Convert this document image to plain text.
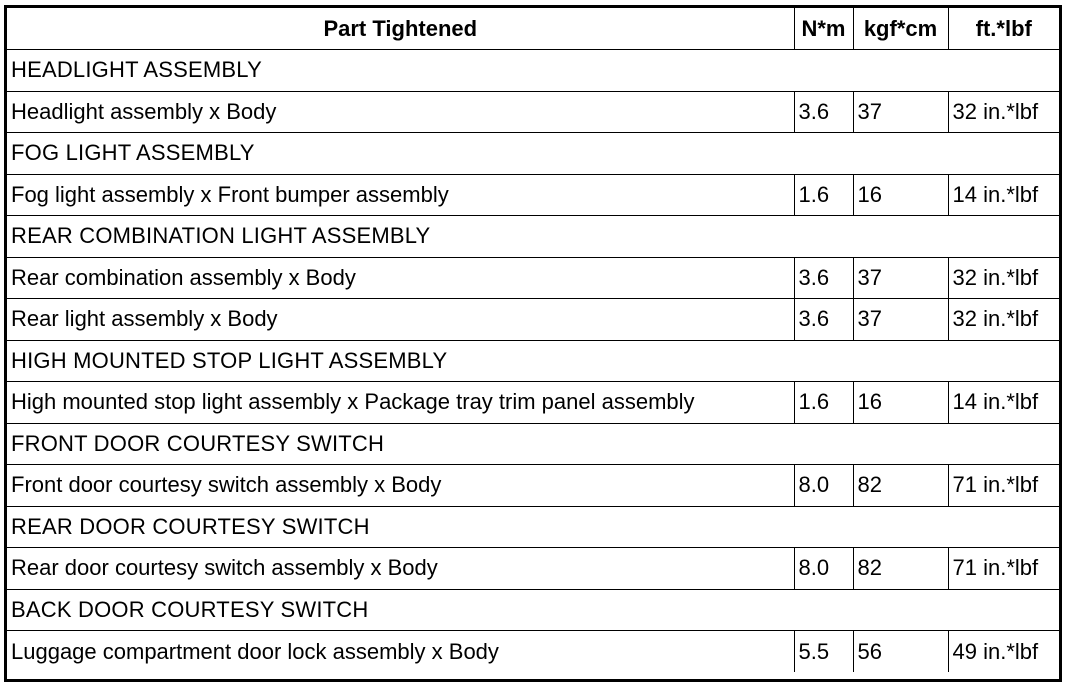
Part Tightened	N*m	kgf*cm	ft.*lbf
HEADLIGHT ASSEMBLY			
Headlight assembly x Body	3.6	37	32 in.*lbf
FOG LIGHT ASSEMBLY			
Fog light assembly x Front bumper assembly	1.6	16	14 in.*lbf
REAR COMBINATION LIGHT ASSEMBLY			
Rear combination assembly x Body	3.6	37	32 in.*lbf
Rear light assembly x Body	3.6	37	32 in.*lbf
HIGH MOUNTED STOP LIGHT ASSEMBLY			
High mounted stop light assembly x Package tray trim panel assembly	1.6	16	14 in.*lbf
FRONT DOOR COURTESY SWITCH			
Front door courtesy switch assembly x Body	8.0	82	71 in.*lbf
REAR DOOR COURTESY SWITCH			
Rear door courtesy switch assembly x Body	8.0	82	71 in.*lbf
BACK DOOR COURTESY SWITCH			
Luggage compartment door lock assembly x Body	5.5	56	49 in.*lbf
